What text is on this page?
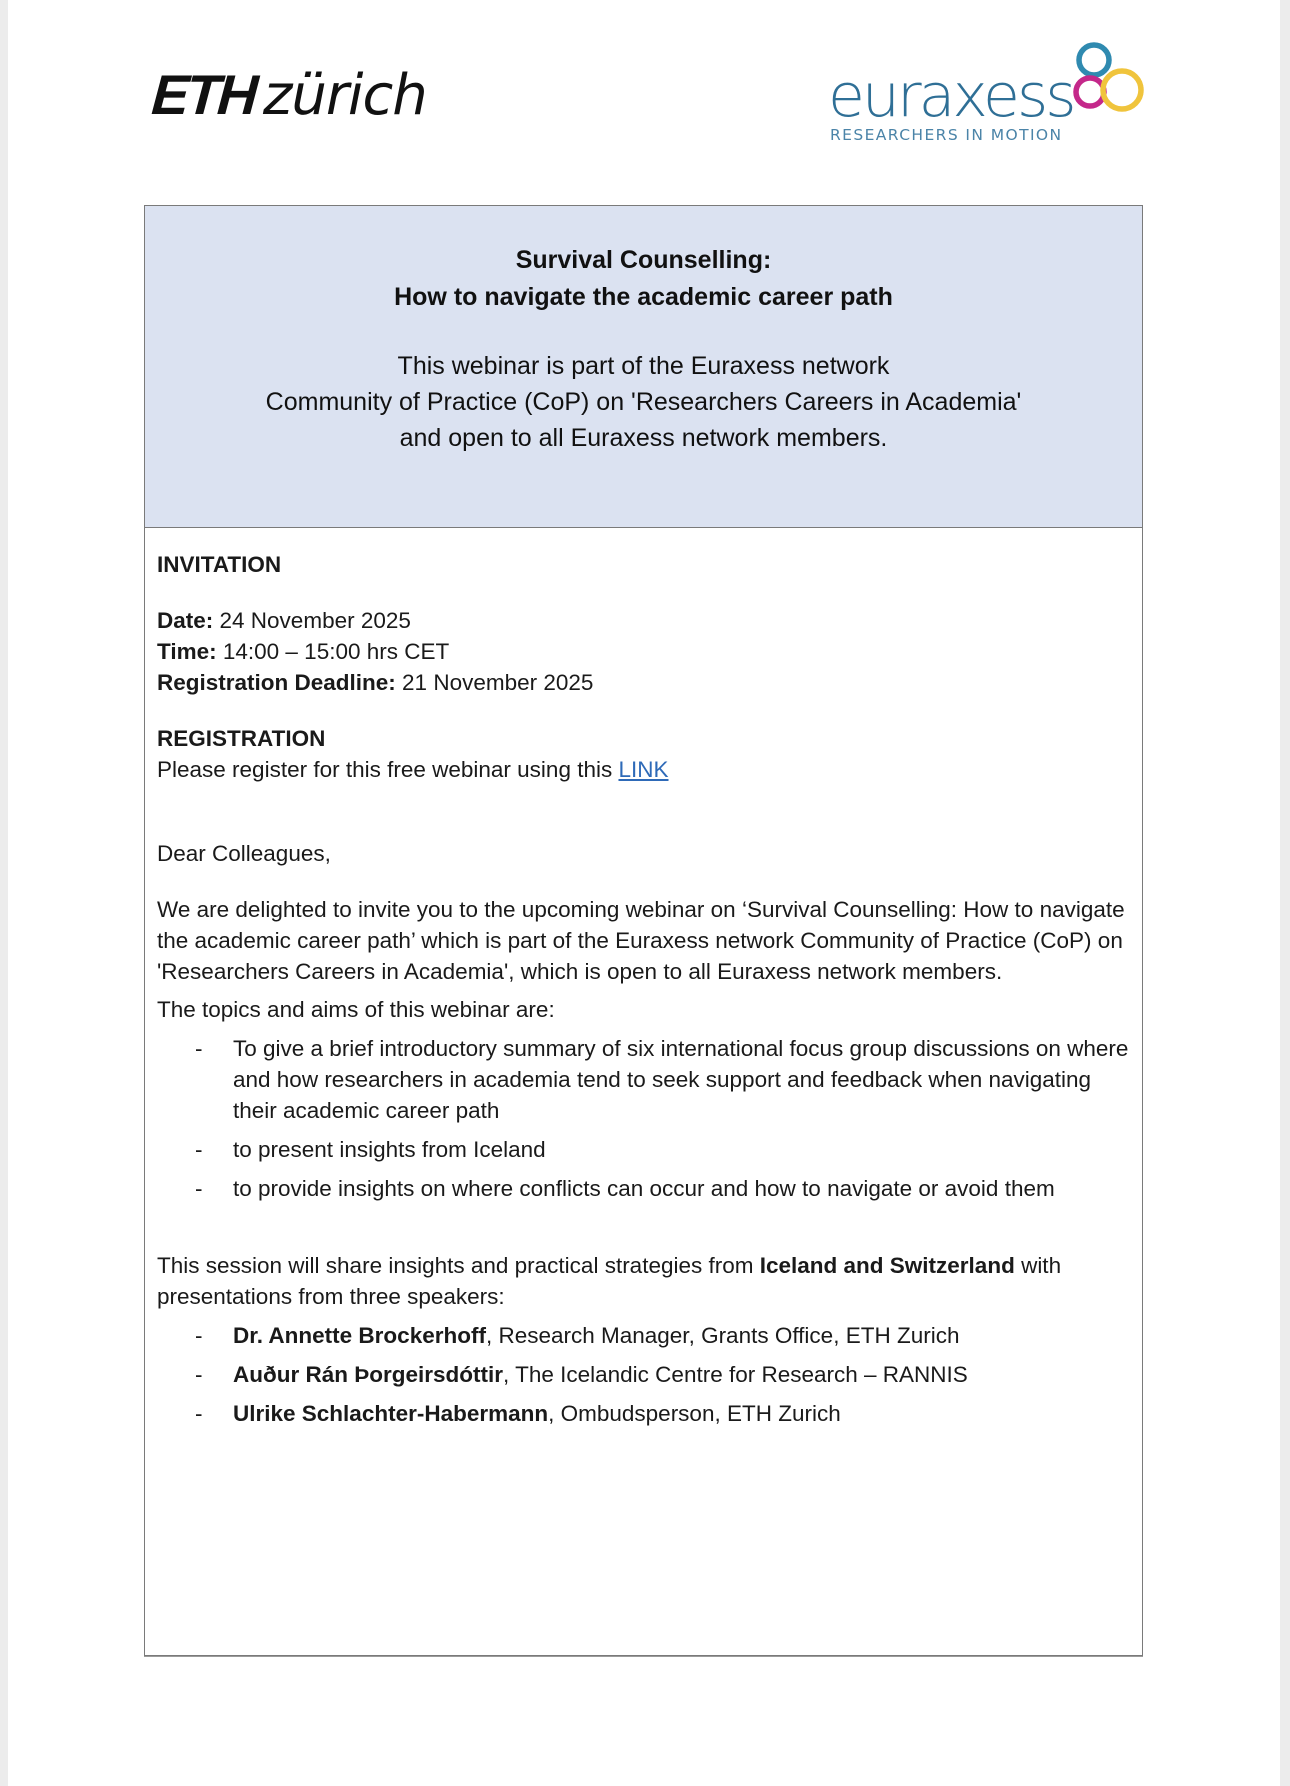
ETH zürich	euraxess
RESEARCHERS IN MOTION
Survival Counselling:
How to navigate the academic career path
This webinar is part of the Euraxess network
Community of Practice (CoP) on 'Researchers Careers in Academia'
and open to all Euraxess network members.
INVITATION
Date: 24 November 2025
Time: 14:00 – 15:00 hrs CET
Registration Deadline: 21 November 2025
REGISTRATION
Please register for this free webinar using this LINK
Dear Colleagues,
We are delighted to invite you to the upcoming webinar on ‘Survival Counselling: How to navigate the academic career path’ which is part of the Euraxess network Community of Practice (CoP) on 'Researchers Careers in Academia', which is open to all Euraxess network members.
The topics and aims of this webinar are:
- To give a brief introductory summary of six international focus group discussions on where and how researchers in academia tend to seek support and feedback when navigating their academic career path
- to present insights from Iceland
- to provide insights on where conflicts can occur and how to navigate or avoid them
This session will share insights and practical strategies from Iceland and Switzerland with presentations from three speakers:
- Dr. Annette Brockerhoff, Research Manager, Grants Office, ETH Zurich
- Auður Rán Þorgeirsdóttir, The Icelandic Centre for Research – RANNIS
- Ulrike Schlachter-Habermann, Ombudsperson, ETH Zurich
